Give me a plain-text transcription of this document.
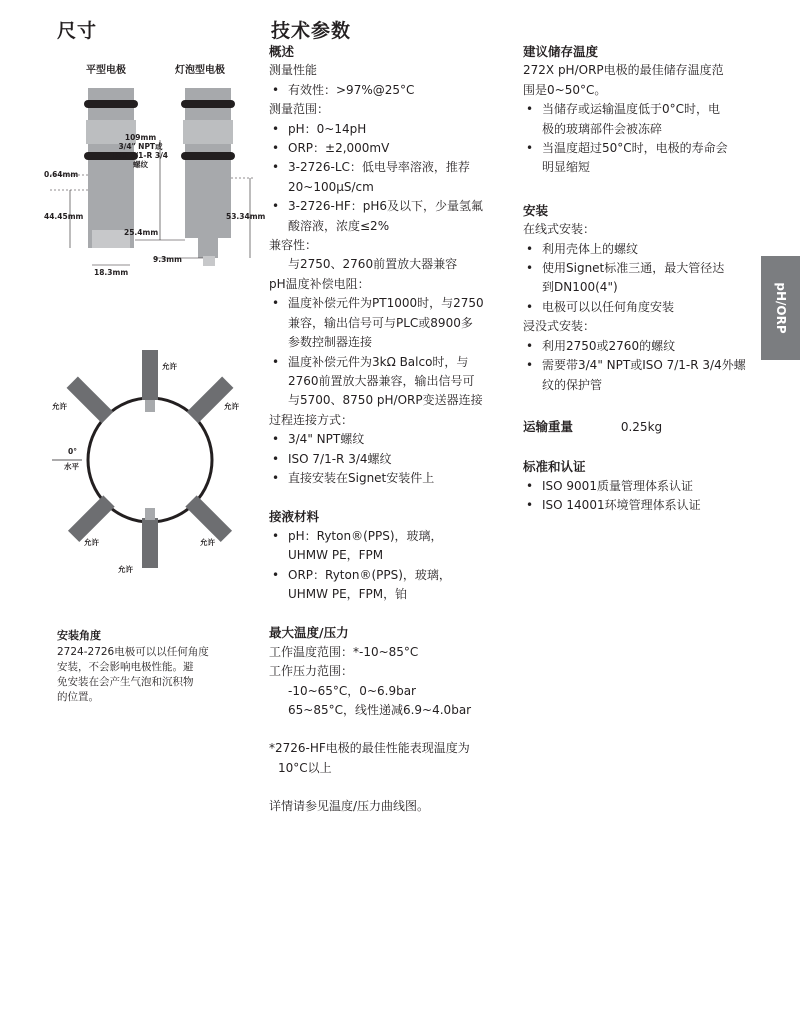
尺寸
平型电极	灯泡型电极
109mm
3/4" NPT或
ISO 7/1-R 3/4
螺纹
0.64mm
44.45mm	53.34mm
25.4mm
9.3mm
18.3mm
允许
允许	允许
0°
水平
允许	允许
允许
安装角度
2724-2726电极可以以任何角度
安装，不会影响电极性能。避
免安装在会产生气泡和沉积物
的位置。
技术参数
概述
测量性能
• 有效性：>97%@25°C
测量范围：
• pH：0~14pH
• ORP：±2,000mV
• 3-2726-LC：低电导率溶液，推荐
20~100μS/cm
• 3-2726-HF：pH6及以下，少量氢氟
酸溶液，浓度≤2%
兼容性：
与2750、2760前置放大器兼容
pH温度补偿电阻：
• 温度补偿元件为PT1000时，与2750
兼容，输出信号可与PLC或8900多
参数控制器连接
• 温度补偿元件为3kΩ Balco时，与
2760前置放大器兼容，输出信号可
与5700、8750 pH/ORP变送器连接
过程连接方式：
• 3/4" NPT螺纹
• ISO 7/1-R 3/4螺纹
• 直接安装在Signet安装件上
接液材料
• pH：Ryton®(PPS)，玻璃，
UHMW PE，FPM
• ORP：Ryton®(PPS)，玻璃，
UHMW PE，FPM，铂
最大温度/压力
工作温度范围：*-10~85°C
工作压力范围：
-10~65°C，0~6.9bar
65~85°C，线性递减6.9~4.0bar
*2726-HF电极的最佳性能表现温度为
10°C以上
详情请参见温度/压力曲线图。
建议储存温度
272X pH/ORP电极的最佳储存温度范
围是0~50°C。
• 当储存或运输温度低于0°C时，电
极的玻璃部件会被冻碎
• 当温度超过50°C时，电极的寿命会
明显缩短
安装
在线式安装：
• 利用壳体上的螺纹
• 使用Signet标准三通，最大管径达
到DN100(4")
• 电极可以以任何角度安装
浸没式安装：
• 利用2750或2760的螺纹
• 需要带3/4" NPT或ISO 7/1-R 3/4外螺
纹的保护管
运输重量	0.25kg
标准和认证
• ISO 9001质量管理体系认证
• ISO 14001环境管理体系认证
pH/ORP
